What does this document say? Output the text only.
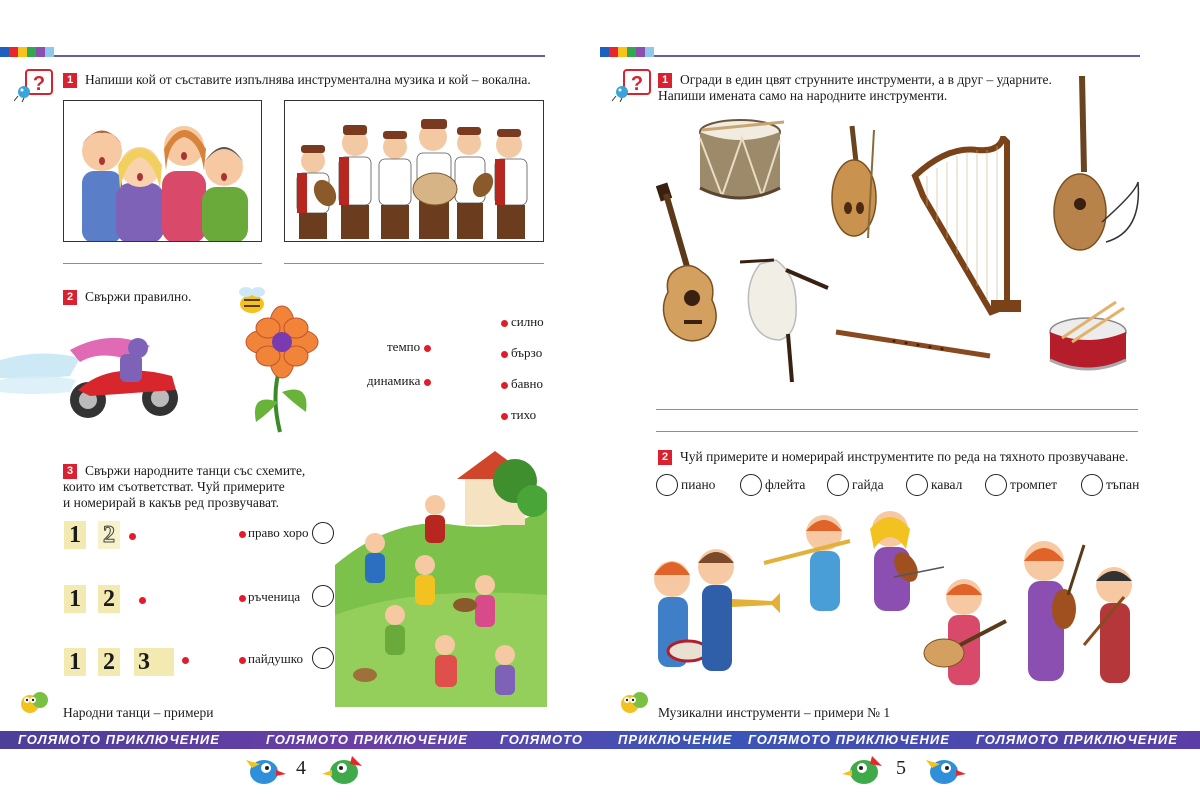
?	1 Напиши кой от съставите изпълнява инструментална музика и кой – вокална.
2 Свържи правилно.
темпо
динамика
силно
бързо
бавно
тихо
3 Свържи народните танци със схемите,
които им съответстват. Чуй примерите
и номерирай в какъв ред прозвучават.
1 2
1 2
1 2 3
право хоро
ръченица
пайдушко
Народни танци – примери
4
?	1 Огради в един цвят струнните инструменти, а в друг – ударните.
Напиши имената само на народните инструменти.
2 Чуй примерите и номерирай инструментите по реда на тяхното прозвучаване.
пиано	флейта	гайда	кавал	тромпет	тъпан
Музикални инструменти – примери № 1
5
ГОЛЯМОТО ПРИКЛЮЧЕНИЕ	ГОЛЯМОТО ПРИКЛЮЧЕНИЕ ГОЛЯМОТО	ПРИКЛЮЧЕНИЕ ГОЛЯМОТО ПРИКЛЮЧЕНИЕ ГОЛЯМОТО ПРИКЛЮЧЕНИЕ
